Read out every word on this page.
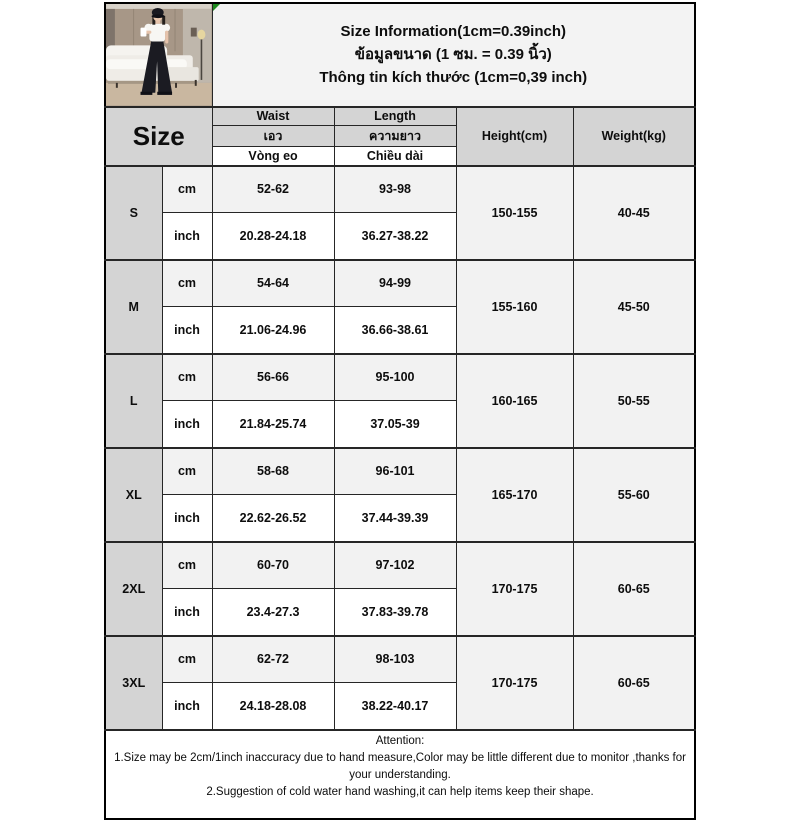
Size Information(1cm=0.39inch)
ข้อมูลขนาด (1 ซม. = 0.39 นิ้ว)
Thông tin kích thước (1cm=0,39 inch)			

Size		Waist	Length	Height(cm)	Weight(kg)
		เอว	ความยาว		
		Vòng eo	Chiều dài		
S	cm	52-62	93-98	150-155	40-45
	inch	20.28-24.18	36.27-38.22		
M	cm	54-64	94-99	155-160	45-50
	inch	21.06-24.96	36.66-38.61		
L	cm	56-66	95-100	160-165	50-55
	inch	21.84-25.74	37.05-39		
XL	cm	58-68	96-101	165-170	55-60
	inch	22.62-26.52	37.44-39.39		
2XL	cm	60-70	97-102	170-175	60-65
	inch	23.4-27.3	37.83-39.78		
3XL	cm	62-72	98-103	170-175	60-65
	inch	24.18-28.08	38.22-40.17		

Attention:

1.Size may be 2cm/1inch inaccuracy due to hand measure,Color may be little different due to monitor ,thanks for your understanding.

2.Suggestion of cold water hand washing,it can help items keep their shape.					
